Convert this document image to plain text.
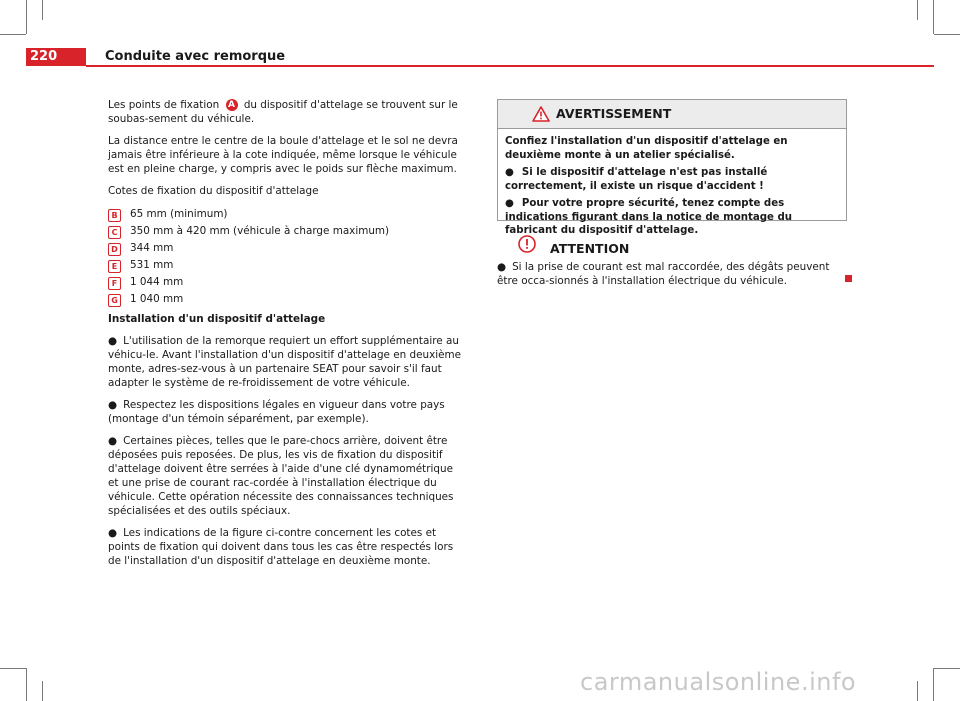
220	Conduite avec remorque

Les points de fixation A du dispositif d'attelage se trouvent sur le soubas-sement du véhicule.

La distance entre le centre de la boule d'attelage et le sol ne devra jamais être inférieure à la cote indiquée, même lorsque le véhicule est en pleine charge, y compris avec le poids sur flèche maximum.

Cotes de fixation du dispositif d'attelage

B	65 mm (minimum)
C	350 mm à 420 mm (véhicule à charge maximum)
D	344 mm
E	531 mm
F	1 044 mm
G	1 040 mm

Installation d'un dispositif d'attelage

● L'utilisation de la remorque requiert un effort supplémentaire au véhicu-le. Avant l'installation d'un dispositif d'attelage en deuxième monte, adres-sez-vous à un partenaire SEAT pour savoir s'il faut adapter le système de re-froidissement de votre véhicule.

● Respectez les dispositions légales en vigueur dans votre pays (montage d'un témoin séparément, par exemple).

● Certaines pièces, telles que le pare-chocs arrière, doivent être déposées puis reposées. De plus, les vis de fixation du dispositif d'attelage doivent être serrées à l'aide d'une clé dynamométrique et une prise de courant rac-cordée à l'installation électrique du véhicule. Cette opération nécessite des connaissances techniques spécialisées et des outils spéciaux.

● Les indications de la figure ci-contre concernent les cotes et points de fixation qui doivent dans tous les cas être respectés lors de l'installation d'un dispositif d'attelage en deuxième monte.

AVERTISSEMENT

Confiez l'installation d'un dispositif d'attelage en deuxième monte à un atelier spécialisé.

● Si le dispositif d'attelage n'est pas installé correctement, il existe un risque d'accident !

● Pour votre propre sécurité, tenez compte des indications figurant dans la notice de montage du fabricant du dispositif d'attelage.

ATTENTION
● Si la prise de courant est mal raccordée, des dégâts peuvent être occa-sionnés à l'installation électrique du véhicule.
carmanualsonline.info
